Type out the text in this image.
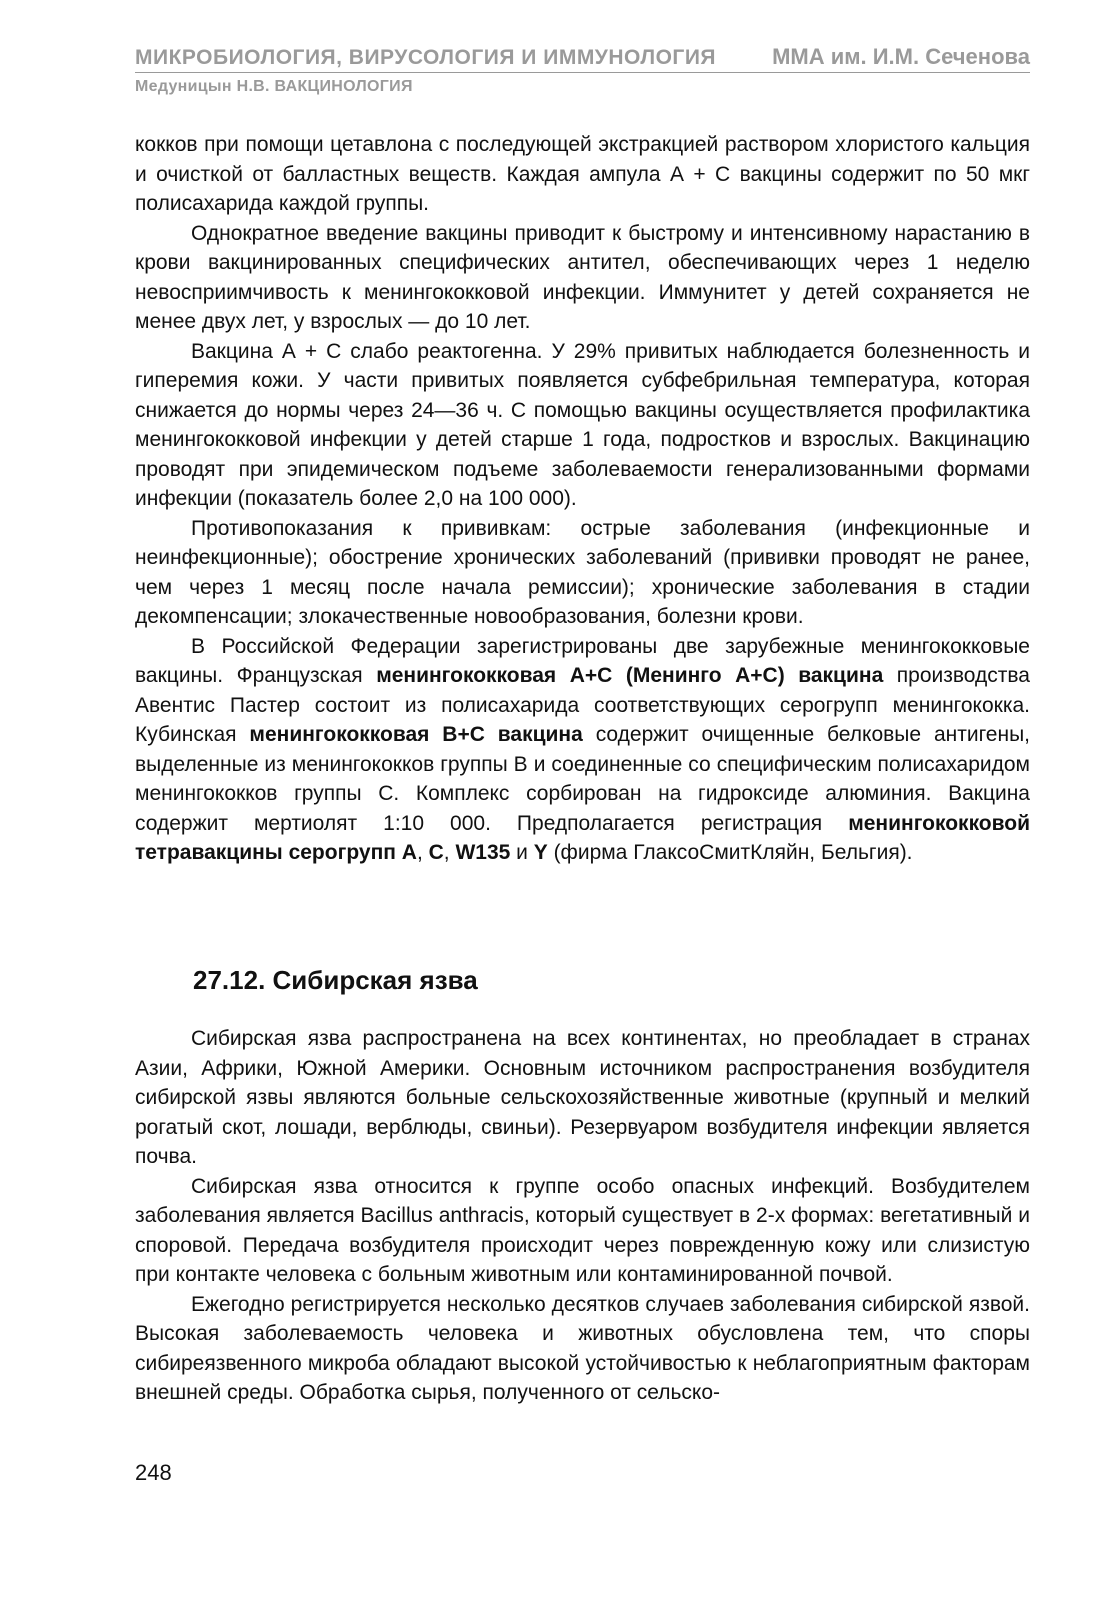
МИКРОБИОЛОГИЯ, ВИРУСОЛОГИЯ И ИММУНОЛОГИЯ	ММА им. И.М. Сеченова
Медуницын Н.В. ВАКЦИНОЛОГИЯ

кокков при помощи цетавлона с последующей экстракцией раствором хлористого кальция и очисткой от балластных веществ. Каждая ампула А + С вакцины содержит по 50 мкг полисахарида каждой группы.

Однократное введение вакцины приводит к быстрому и интенсивному нарастанию в крови вакцинированных специфических антител, обеспечивающих через 1 неделю невосприимчивость к менингококковой инфекции. Иммунитет у детей сохраняется не менее двух лет, у взрослых — до 10 лет.

Вакцина А + С слабо реактогенна. У 29% привитых наблюдается болезненность и гиперемия кожи. У части привитых появляется субфебрильная температура, которая снижается до нормы через 24—36 ч. С помощью вакцины осуществляется профилактика менингококковой инфекции у детей старше 1 года, подростков и взрослых. Вакцинацию проводят при эпидемическом подъеме заболеваемости генерализованными формами инфекции (показатель более 2,0 на 100 000).

Противопоказания к прививкам: острые заболевания (инфекционные и неинфекционные); обострение хронических заболеваний (прививки проводят не ранее, чем через 1 месяц после начала ремиссии); хронические заболевания в стадии декомпенсации; злокачественные новообразования, болезни крови.

В Российской Федерации зарегистрированы две зарубежные менингококковые вакцины. Французская менингококковая А+С (Менинго А+С) вакцина производства Авентис Пастер состоит из полисахарида соответствующих серогрупп менингококка. Кубинская менингококковая В+С вакцина содержит очищенные белковые антигены, выделенные из менингококков группы В и соединенные со специфическим полисахаридом менингококков группы С. Комплекс сорбирован на гидроксиде алюминия. Вакцина содержит мертиолят 1:10 000. Предполагается регистрация менингококковой тетравакцины серогрупп А, С, W135 и Y (фирма ГлаксоСмитКляйн, Бельгия).

27.12. Сибирская язва

Сибирская язва распространена на всех континентах, но преобладает в странах Азии, Африки, Южной Америки. Основным источником распространения возбудителя сибирской язвы являются больные сельскохозяйственные животные (крупный и мелкий рогатый скот, лошади, верблюды, свиньи). Резервуаром возбудителя инфекции является почва.

Сибирская язва относится к группе особо опасных инфекций. Возбудителем заболевания является Bacillus anthracis, который существует в 2-х формах: вегетативный и споровой. Передача возбудителя происходит через поврежденную кожу или слизистую при контакте человека с больным животным или контаминированной почвой.

Ежегодно регистрируется несколько десятков случаев заболевания сибирской язвой. Высокая заболеваемость человека и животных обусловлена тем, что споры сибиреязвенного микроба обладают высокой устойчивостью к неблагоприятным факторам внешней среды. Обработка сырья, полученного от сельско-

248
